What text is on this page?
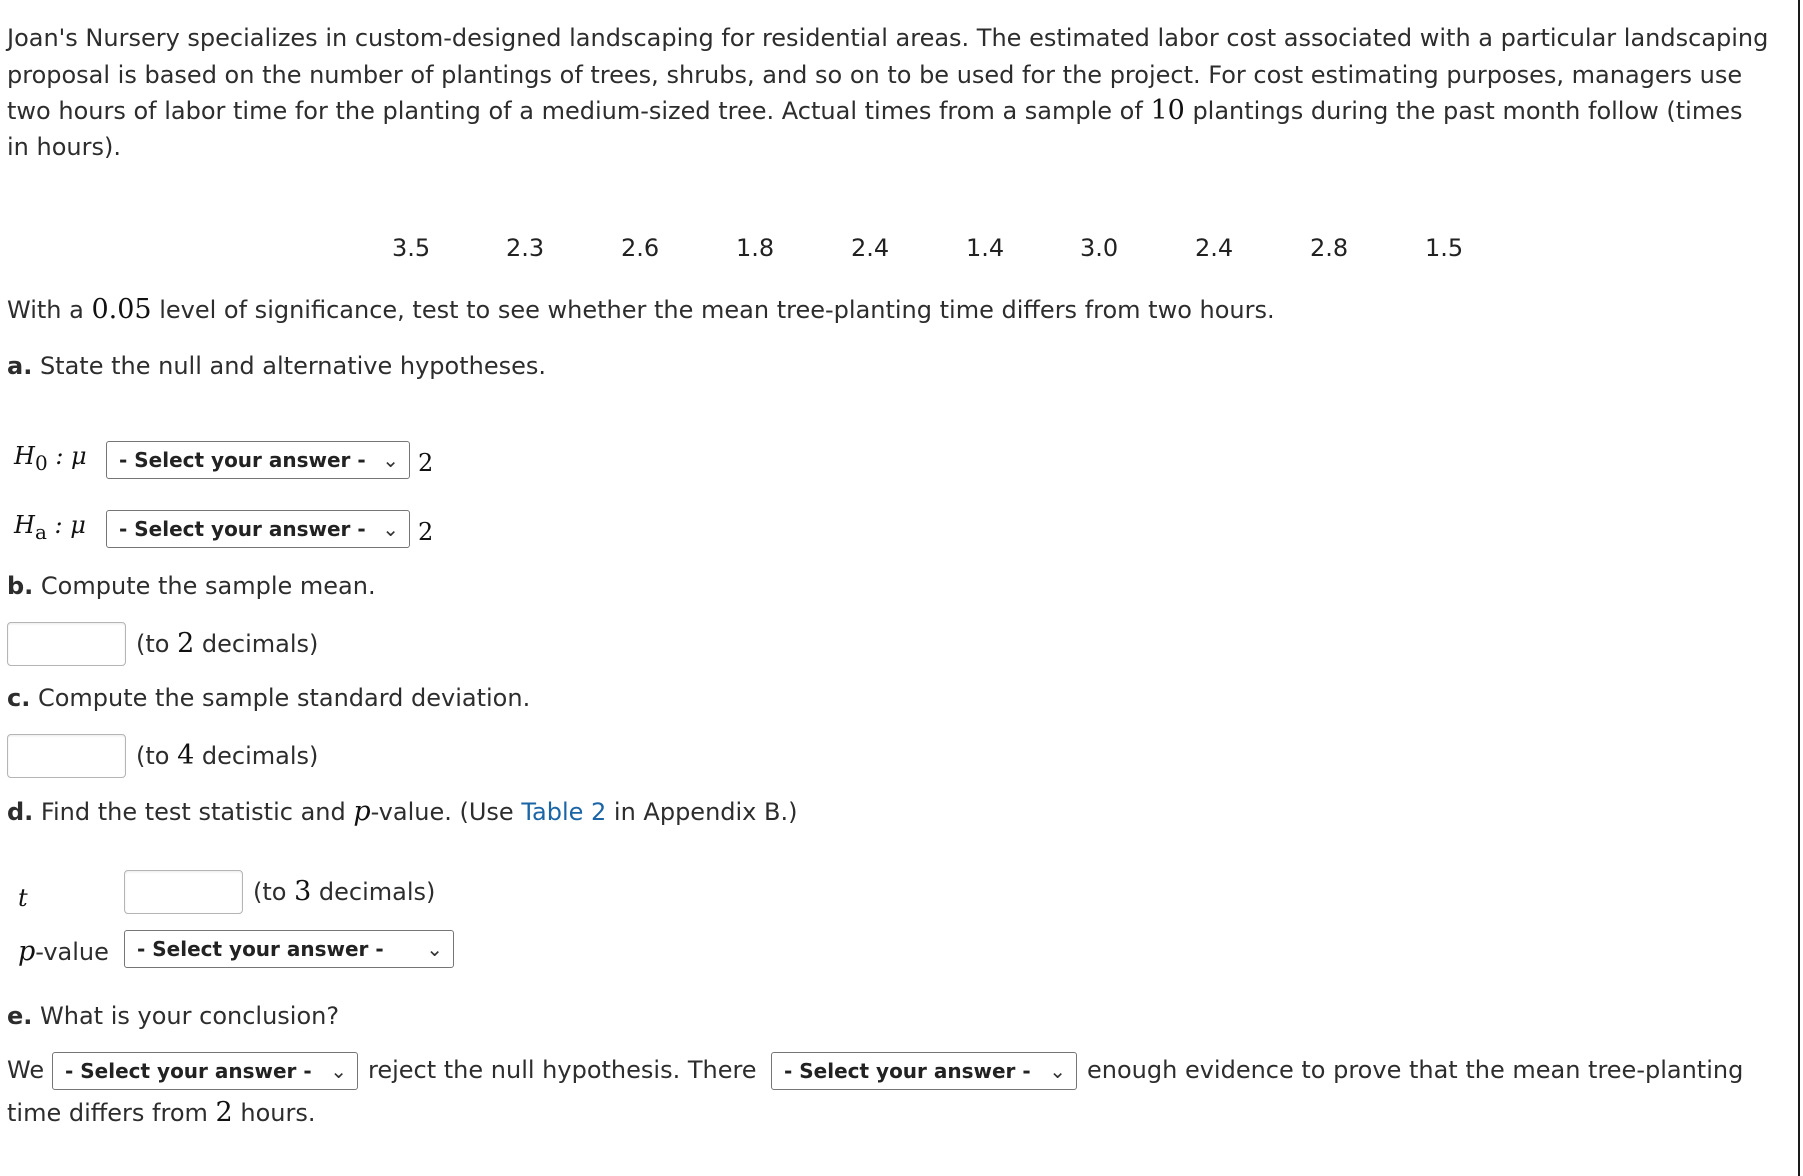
Joan's Nursery specializes in custom-designed landscaping for residential areas. The estimated labor cost associated with a particular landscaping
proposal is based on the number of plantings of trees, shrubs, and so on to be used for the project. For cost estimating purposes, managers use
two hours of labor time for the planting of a medium-sized tree. Actual times from a sample of 10 plantings during the past month follow (times
in hours).
3.5	2.3	2.6	1.8	2.4	1.4	3.0	2.4	2.8	1.5
With a 0.05 level of significance, test to see whether the mean tree-planting time differs from two hours.
a. State the null and alternative hypotheses.
$H_0$ : μ	- Select your answer - ⌄ 2
$H_a$ : μ	- Select your answer - ⌄ 2
b. Compute the sample mean.
(to 2 decimals)
c. Compute the sample standard deviation.
(to 4 decimals)
d. Find the test statistic and p-value. (Use Table 2 in Appendix B.)
t	(to 3 decimals)
p-value	- Select your answer - ⌄
e. What is your conclusion?
We	- Select your answer - ⌄ reject the null hypothesis. There	- Select your answer - ⌄ enough evidence to prove that the mean tree-planting
time differs from 2 hours.
